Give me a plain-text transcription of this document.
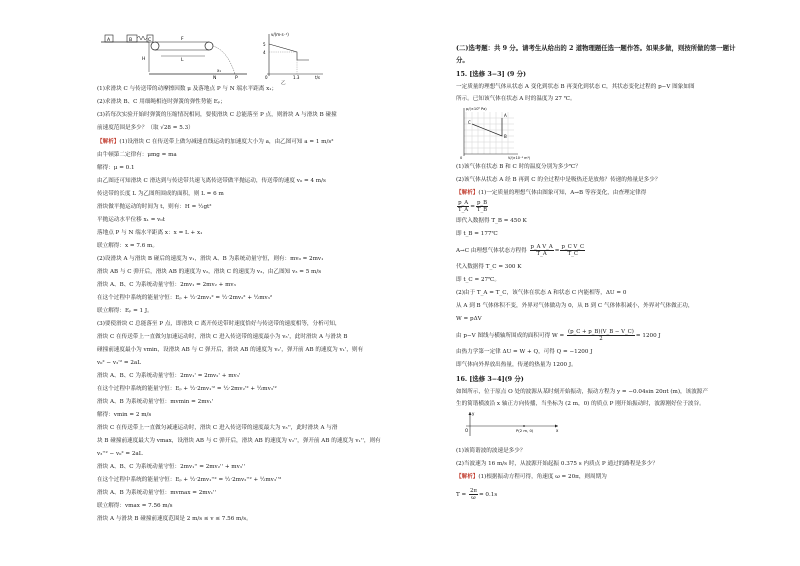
A	B	C
H
F
L
N	P
x₁
v/(m·s⁻¹)
5
4
1.3	t/s
0
乙
(1)求滑块 C 与传送带的动摩擦因数 μ 及落地点 P 与 N 端水平距离 x₁；
(2)求滑块 B、C 用细绳相连时弹簧的弹性势能 Eₚ；
(3)若每次实验开始时弹簧的压缩情况相同，要使滑块 C 总能落至 P 点，则滑块 A 与滑块 B 碰撞
前速度范围是多少？（取 √28 = 5.3）
【解析】(1)设滑块 C 在传送带上做匀减速直线运动的加速度大小为 a，由乙图可知 a = 1 m/s²
由牛顿第二定律有：μmg = ma
解得：μ = 0.1
由乙图还可知滑块 C 滑达到与传送带共速飞离传送带做平抛运动，传送带的速度 v₀ = 4 m/s
传送带的长度 L 为乙图所围成的面积，则 L = 6 m
滑块做平抛运动的时间为 t，则有：H = ½gt²
平抛运动水平位移 x₁ = v₀t
落地点 P 与 N 端水平距离 x：x = L + x₁
联立解得：x = 7.6 m。
(2)设滑块 A 与滑块 B 碰后的速度为 v₁，滑块 A、B 为系统动量守恒，则有：mv₀ = 2mv₁
滑块 AB 与 C 弹开后，滑块 AB 的速度为 v₂，滑块 C 的速度为 v₃，由乙图知 v₃ = 5 m/s
滑块 A、B、C 为系统动量守恒：2mv₁ = 2mv₂ + mv₃
在这个过程中系统的能量守恒：Eₚ + ½·2mv₁² = ½·2mv₂² + ½mv₃²
联立解得：Eₚ = 1 J。
(3)要使滑块 C 总能落至 P 点，即滑块 C 离开传送带时速度恰好与传送带的速度相等，分析可知，
滑块 C 在传送带上一直做匀加速运动时，滑块 C 进入传送带的速度最小为 v₃'，此时滑块 A 与滑块 B
碰撞前速度最小为 vmin，设滑块 AB 与 C 弹开后，滑块 AB 的速度为 v₂'，弹开前 AB 的速度为 v₁'，则有
v₀² − v₃'² = 2aL
滑块 A、B、C 为系统动量守恒：2mv₁' = 2mv₂' + mv₃'
在这个过程中系统的能量守恒：Eₚ + ½·2mv₁'² = ½·2mv₂'² + ½mv₃'²
滑块 A、B 为系统动量守恒：mvmin = 2mv₁'
解得：vmin = 2 m/s
滑块 C 在传送带上一直做匀减速运动时，滑块 C 进入传送带的速度最大为 v₃''，此时滑块 A 与滑
块 B 碰撞前速度最大为 vmax，设滑块 AB 与 C 弹开后，滑块 AB 的速度为 v₂''，弹开前 AB 的速度为 v₁''，则有
v₃''² − v₀² = 2aL
滑块 A、B、C 为系统动量守恒：2mv₁'' = 2mv₂'' + mv₃''
在这个过程中系统的能量守恒：Eₚ + ½·2mv₁''² = ½·2mv₂''² + ½mv₃''²
滑块 A、B 为系统动量守恒：mvmax = 2mv₁''
联立解得：vmax = 7.56 m/s
滑块 A 与滑块 B 碰撞前速度范围是 2 m/s ≤ v ≤ 7.56 m/s。
(二)选考题：共 9 分。请考生从给出的 2 道物理题任选一题作答。如果多做，则按所做的第一题计
分。
15. [选修 3−3] (9 分)
一定质量的理想气体从状态 A 变化到状态 B 再变化到状态 C，其状态变化过程的 p−V 图象如图
所示。已知该气体在状态 A 时的温度为 27 ℃。
p/(×10⁵ Pa)
A
B
C
0	V/(×10⁻³ m³)
(1)该气体在状态 B 和 C 时的温度分别为多少℃？
(2)该气体从状态 A 经 B 再到 C 的全过程中是吸热还是放热？传递的热量是多少？
【解析】(1)一定质量的理想气体由图象可知，A→B 等容变化，由查理定律得
$\frac{p\_A}{T\_A} = \frac{p\_B}{T\_B}$
即代入数据得 T_B = 450 K
即 t_B = 177℃
A→C 由理想气体状态方程得 $\frac{\text{p\_A V\_A}}{T\_A} = \frac{\text{p\_C V\_C}}{T\_C}$
代入数据得 T_C = 300 K
即 t_C = 27℃。
(2)由于 T_A = T_C，该气体在状态 A 和状态 C 内能相等，ΔU = 0
从 A 到 B 气体体积不变，外界对气体做功为 0，从 B 到 C 气体体积减小，外界对气体做正功，
W = pΔV
由 p−V 图线与横轴所围成的面积可得 $W = \frac{(p\_C + p\_B)(V\_B - V\_C)}{2} = 1200$ J
由热力学第一定律 ΔU = W + Q，可得 Q = −1200 J
即气体向外界放出热量，传递的热量为 1200 J。
16. [选修 3−4](9 分)
如图所示，位于原点 O 处的波源从某时刻开始振动，振动方程为 y = −0.04sin 20πt (m)，该波源产
生的简谐横波沿 x 轴正方向传播，当坐标为 (2 m，0) 的质点 P 刚开始振动时，波源刚好位于波谷。
P(2 m, 0)	x
y
O
(1)该简谐波的波速是多少？
(2)当波速为 16 m/s 时，从波源开始起振 0.375 s 内质点 P 通过的路程是多少？
【解析】(1)根据振动方程可得，角速度 ω = 20π，则周期为
$T = \frac{2\pi}{\omega} = 0.1s$
